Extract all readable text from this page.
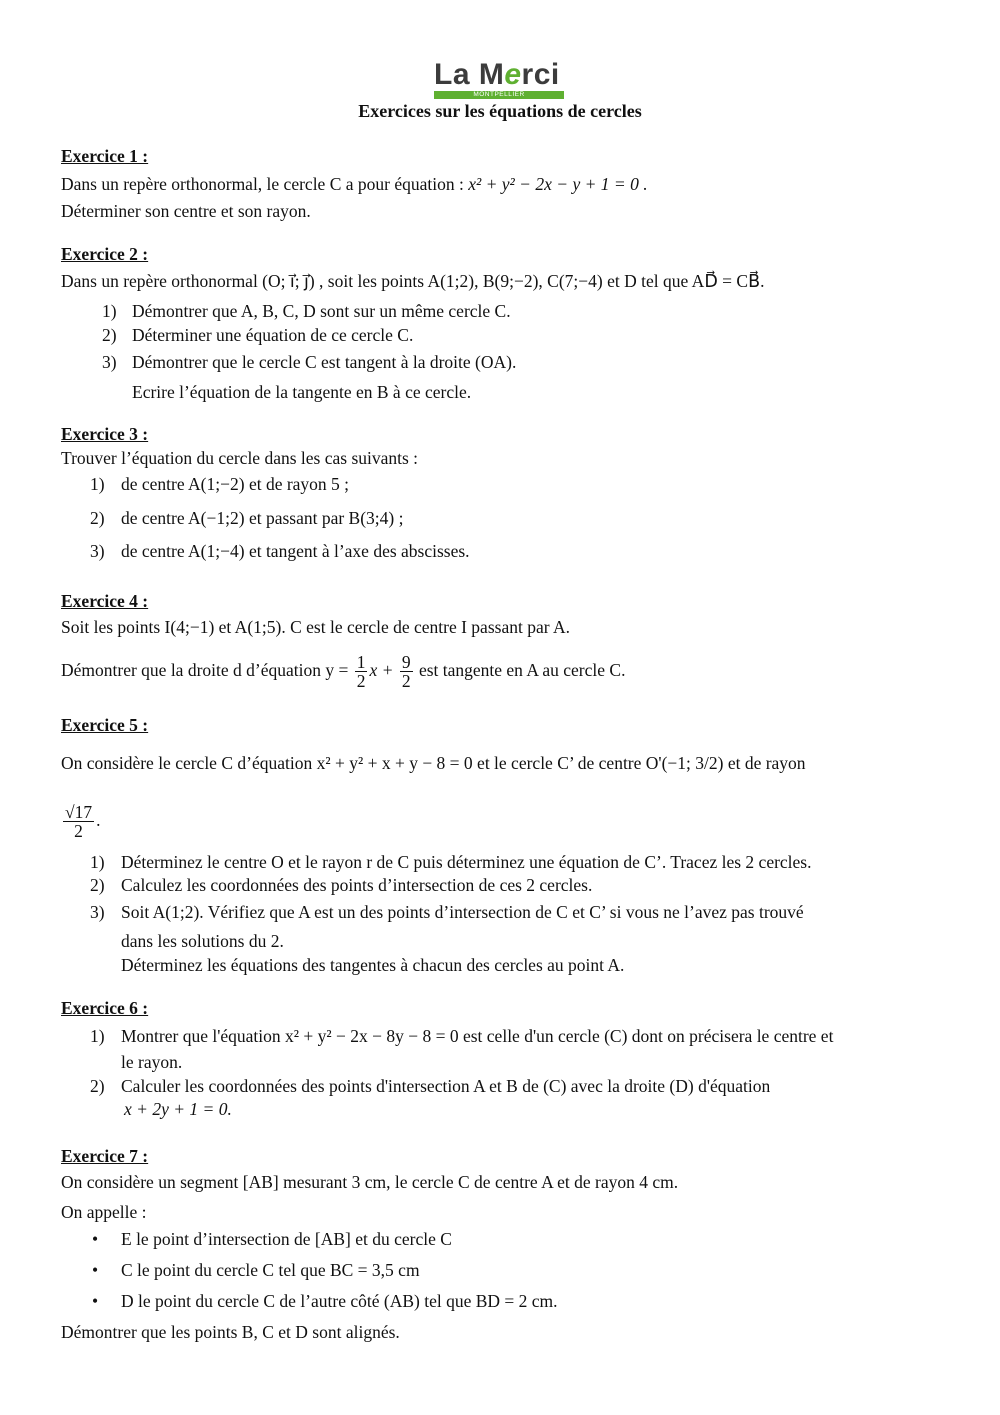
La Merci
MONTPELLIER
Exercices sur les équations de cercles
Exercice 1 :
Dans un repère orthonormal, le cercle C a pour équation : x² + y² − 2x − y + 1 = 0 .
Déterminer son centre et son rayon.
Exercice 2 :
Dans un repère orthonormal (O; i⃗; j⃗) , soit les points A(1;2), B(9;−2), C(7;−4) et D tel que AD⃗ = CB⃗.
1) Démontrer que A, B, C, D sont sur un même cercle C.
2) Déterminer une équation de ce cercle C.
3) Démontrer que le cercle C est tangent à la droite (OA).
Ecrire l’équation de la tangente en B à ce cercle.
Exercice 3 :
Trouver l’équation du cercle dans les cas suivants :
1) de centre A(1;−2) et de rayon 5 ;
2) de centre A(−1;2) et passant par B(3;4) ;
3) de centre A(1;−4) et tangent à l’axe des abscisses.
Exercice 4 :
Soit les points I(4;−1) et A(1;5). C est le cercle de centre I passant par A.
Démontrer que la droite d d’équation $y = \frac{1}{2}$ $x + \frac{9}{2}$ est tangente en A au cercle C.
Exercice 5 :
On considère le cercle C d’équation x² + y² + x + y − 8 = 0 et le cercle C’ de centre O'(−1; 3/2) et de rayon
$\frac{√17}{2}$ .
1) Déterminez le centre O et le rayon r de C puis déterminez une équation de C’. Tracez les 2 cercles.
2) Calculez les coordonnées des points d’intersection de ces 2 cercles.
3) Soit A(1;2). Vérifiez que A est un des points d’intersection de C et C’ si vous ne l’avez pas trouvé
dans les solutions du 2.
Déterminez les équations des tangentes à chacun des cercles au point A.
Exercice 6 :
1) Montrer que l'équation x² + y² − 2x − 8y − 8 = 0 est celle d'un cercle (C) dont on précisera le centre et
le rayon.
2) Calculer les coordonnées des points d'intersection A et B de (C) avec la droite (D) d'équation
x + 2y + 1 = 0.
Exercice 7 :
On considère un segment [AB] mesurant 3 cm, le cercle C de centre A et de rayon 4 cm.
On appelle :
• E le point d’intersection de [AB] et du cercle C
• C le point du cercle C tel que BC = 3,5 cm
• D le point du cercle C de l’autre côté (AB) tel que BD = 2 cm.
Démontrer que les points B, C et D sont alignés.
